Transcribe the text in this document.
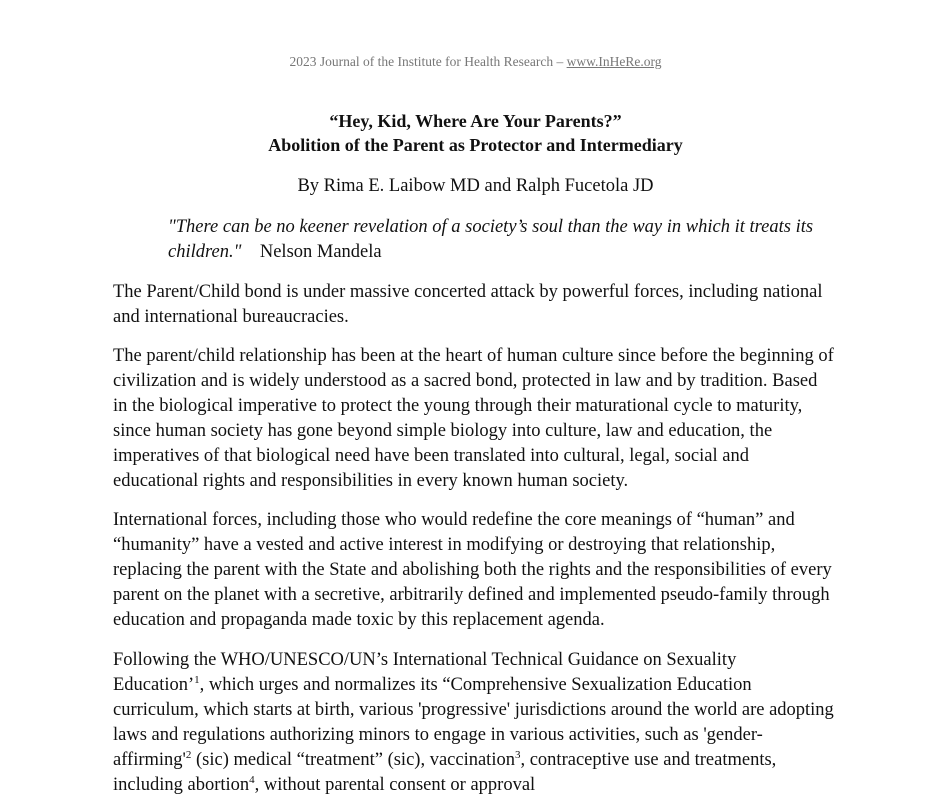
2023 Journal of the Institute for Health Research – www.InHeRe.org
“Hey, Kid, Where Are Your Parents?”
Abolition of the Parent as Protector and Intermediary
By Rima E. Laibow MD and Ralph Fucetola JD
"There can be no keener revelation of a society’s soul than the way in which it treats its
children." Nelson Mandela
The Parent/Child bond is under massive concerted attack by powerful forces, including national
and international bureaucracies.
The parent/child relationship has been at the heart of human culture since before the beginning of
civilization and is widely understood as a sacred bond, protected in law and by tradition. Based
in the biological imperative to protect the young through their maturational cycle to maturity,
since human society has gone beyond simple biology into culture, law and education, the
imperatives of that biological need have been translated into cultural, legal, social and
educational rights and responsibilities in every known human society.
International forces, including those who would redefine the core meanings of “human” and
“humanity” have a vested and active interest in modifying or destroying that relationship,
replacing the parent with the State and abolishing both the rights and the responsibilities of every
parent on the planet with a secretive, arbitrarily defined and implemented pseudo-family through
education and propaganda made toxic by this replacement agenda.
Following the WHO/UNESCO/UN’s International Technical Guidance on Sexuality
Education’$^1$, which urges and normalizes its “Comprehensive Sexualization Education
curriculum, which starts at birth, various 'progressive' jurisdictions around the world are adopting
laws and regulations authorizing minors to engage in various activities, such as 'gender-
$affirming'^2$ (sic) medical “treatment” (sic), vaccination$^3$, contraceptive use and treatments,
including abortion$^4$, without parental consent or approval
